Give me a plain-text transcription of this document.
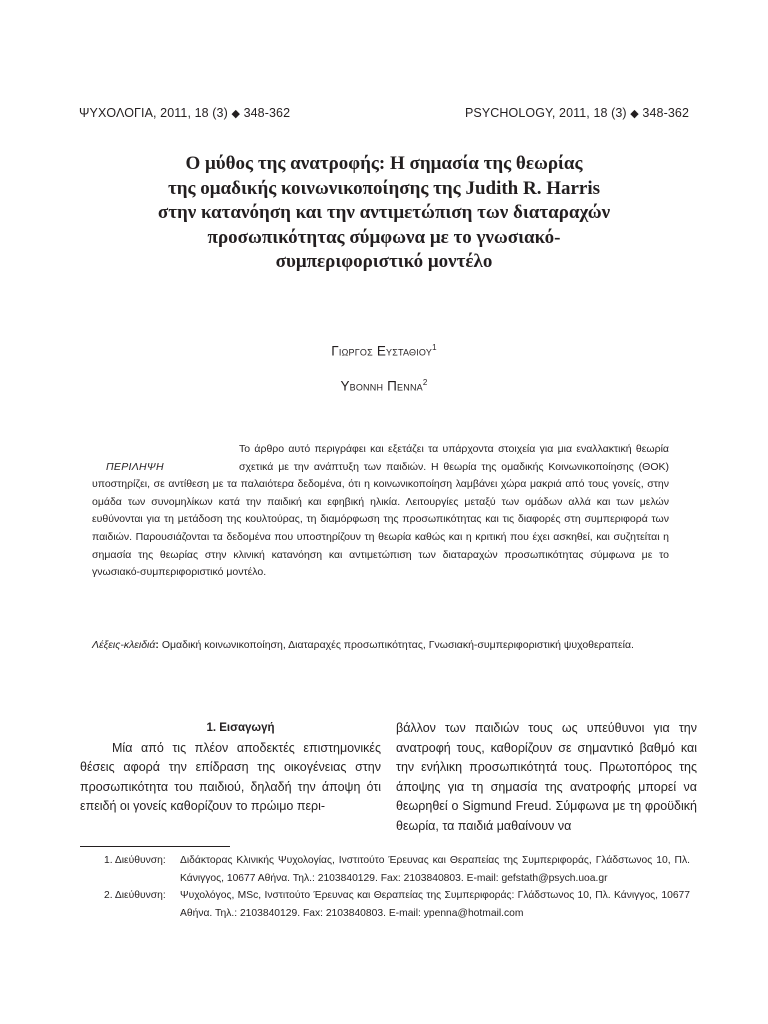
ΨΥΧΟΛΟΓΙΑ, 2011, 18 (3) ◆ 348-362	PSYCHOLOGY, 2011, 18 (3) ◆ 348-362
Ο μύθος της ανατροφής: Η σημασία της θεωρίας
της ομαδικής κοινωνικοποίησης της Judith R. Harris
στην κατανόηση και την αντιμετώπιση των διαταραχών
προσωπικότητας σύμφωνα με το γνωσιακό-
συμπεριφοριστικό μοντέλο
Γιωργος Ευσταθιου$^1$
Υβοννη Πεννα$^2$
ΠΕΡΙΛΗΨΗ
Το άρθρο αυτό περιγράφει και εξετάζει τα υπάρχοντα στοιχεία για μια εναλλακτική θεωρία σχετικά με την ανάπτυξη των παιδιών. Η θεωρία της ομαδικής Κοινωνικοποίησης (ΘΟΚ) υποστηρίζει, σε αντίθεση με τα παλαιότερα δεδομένα, ότι η κοινωνικοποίηση λαμβάνει χώρα μακριά από τους γονείς, στην ομάδα των συνομηλίκων κατά την παιδική και εφηβική ηλικία. Λειτουργίες μεταξύ των ομάδων αλλά και των μελών ευθύνονται για τη μετάδοση της κουλτούρας, τη διαμόρφωση της προσωπικότητας και τις διαφορές στη συμπεριφορά των παιδιών. Παρουσιάζονται τα δεδομένα που υποστηρίζουν τη θεωρία καθώς και η κριτική που έχει ασκηθεί, και συζητείται η σημασία της θεωρίας στην κλινική κατανόηση και αντιμετώπιση των διαταραχών προσωπικότητας σύμφωνα με το γνωσιακό-συμπεριφοριστικό μοντέλο.

Λέξεις-κλειδιά: Ομαδική κοινωνικοποίηση, Διαταραχές προσωπικότητας, Γνωσιακή-συμπεριφοριστική ψυχοθεραπεία.

1. Εισαγωγή

Μία από τις πλέον αποδεκτές επιστημονικές θέσεις αφορά την επίδραση της οικογένειας στην προσωπικότητα του παιδιού, δηλαδή την άποψη ότι επειδή οι γονείς καθορίζουν το πρώιμο περι-

βάλλον των παιδιών τους ως υπεύθυνοι για την ανατροφή τους, καθορίζουν σε σημαντικό βαθμό και την ενήλικη προσωπικότητά τους. Πρωτοπόρος της άποψης για τη σημασία της ανατροφής μπορεί να θεωρηθεί ο Sigmund Freud. Σύμφωνα με τη φροϋδική θεωρία, τα παιδιά μαθαίνουν να

1. Διεύθυνση: Διδάκτορας Κλινικής Ψυχολογίας, Ινστιτούτο Έρευνας και Θεραπείας της Συμπεριφοράς, Γλάδστωνος 10, Πλ. Κάνιγγος, 10677 Αθήνα. Τηλ.: 2103840129. Fax: 2103840803. E-mail: gefstath@psych.uoa.gr

2. Διεύθυνση: Ψυχολόγος, MSc, Ινστιτούτο Έρευνας και Θεραπείας της Συμπεριφοράς: Γλάδστωνος 10, Πλ. Κάνιγγος, 10677 Αθήνα. Τηλ.: 2103840129. Fax: 2103840803. E-mail: ypenna@hotmail.com
